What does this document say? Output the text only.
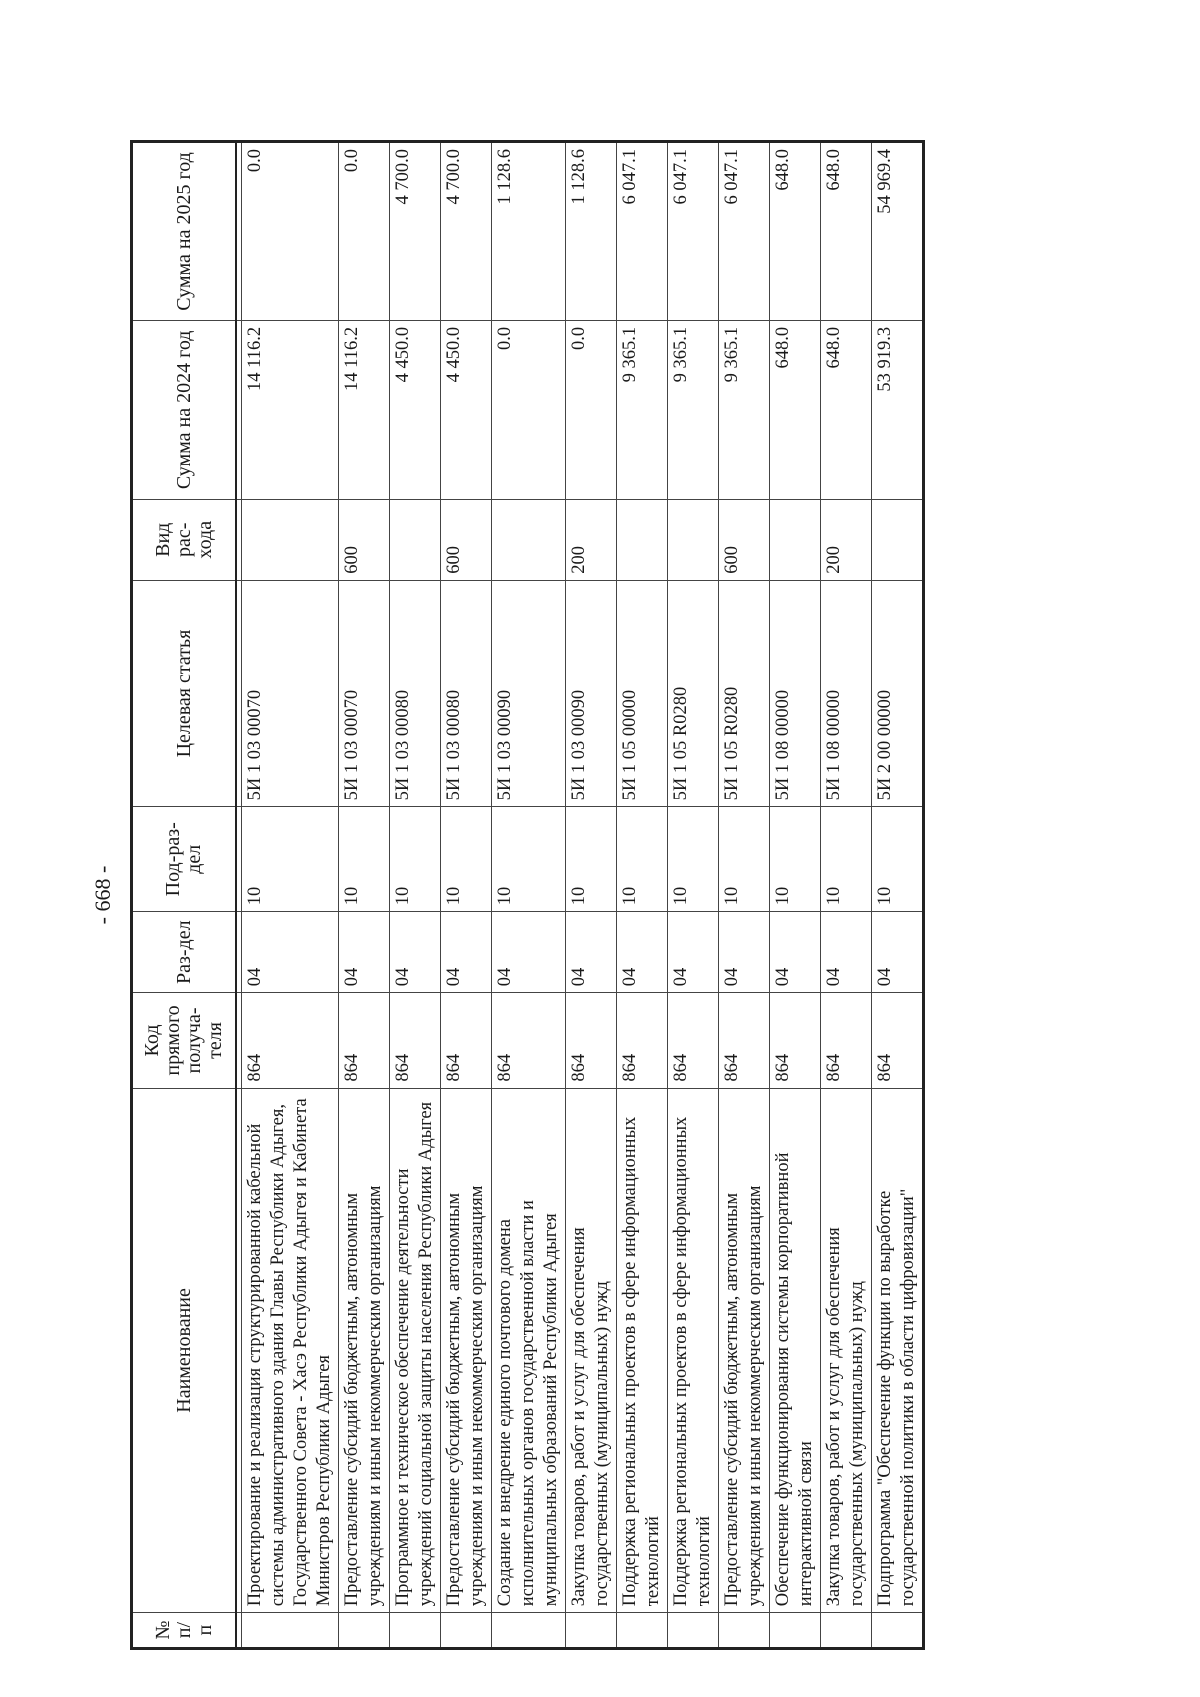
- 668 -
№ п/п	Наименование	Код прямого получа-теля	Раз-дел	Под-раз-дел	Целевая статья	Вид рас-хода	Сумма на 2024 год	Сумма на 2025 год

	Проектирование и реализация структурированной кабельной системы административного здания Главы Республики Адыгея, Государственного Совета - Хасэ Республики Адыгея и Кабинета Министров Республики Адыгея	864	04	10	5И 1 03 00070		14 116.2	0.0
	Предоставление субсидий бюджетным, автономным учреждениям и иным некоммерческим организациям	864	04	10	5И 1 03 00070	600	14 116.2	0.0
	Программное и техническое обеспечение деятельности учреждений социальной защиты населения Республики Адыгея	864	04	10	5И 1 03 00080		4 450.0	4 700.0
	Предоставление субсидий бюджетным, автономным учреждениям и иным некоммерческим организациям	864	04	10	5И 1 03 00080	600	4 450.0	4 700.0
	Создание и внедрение единого почтового домена исполнительных органов государственной власти и муниципальных образований Республики Адыгея	864	04	10	5И 1 03 00090		0.0	1 128.6
	Закупка товаров, работ и услуг для обеспечения государственных (муниципальных) нужд	864	04	10	5И 1 03 00090	200	0.0	1 128.6
	Поддержка региональных проектов в сфере информационных технологий	864	04	10	5И 1 05 00000		9 365.1	6 047.1
	Поддержка региональных проектов в сфере информационных технологий	864	04	10	5И 1 05 R0280		9 365.1	6 047.1
	Предоставление субсидий бюджетным, автономным учреждениям и иным некоммерческим организациям	864	04	10	5И 1 05 R0280	600	9 365.1	6 047.1
	Обеспечение функционирования системы корпоративной интерактивной связи	864	04	10	5И 1 08 00000		648.0	648.0
	Закупка товаров, работ и услуг для обеспечения государственных (муниципальных) нужд	864	04	10	5И 1 08 00000	200	648.0	648.0
	Подпрограмма "Обеспечение функции по выработке государственной политики в области цифровизации"	864	04	10	5И 2 00 00000		53 919.3	54 969.4
